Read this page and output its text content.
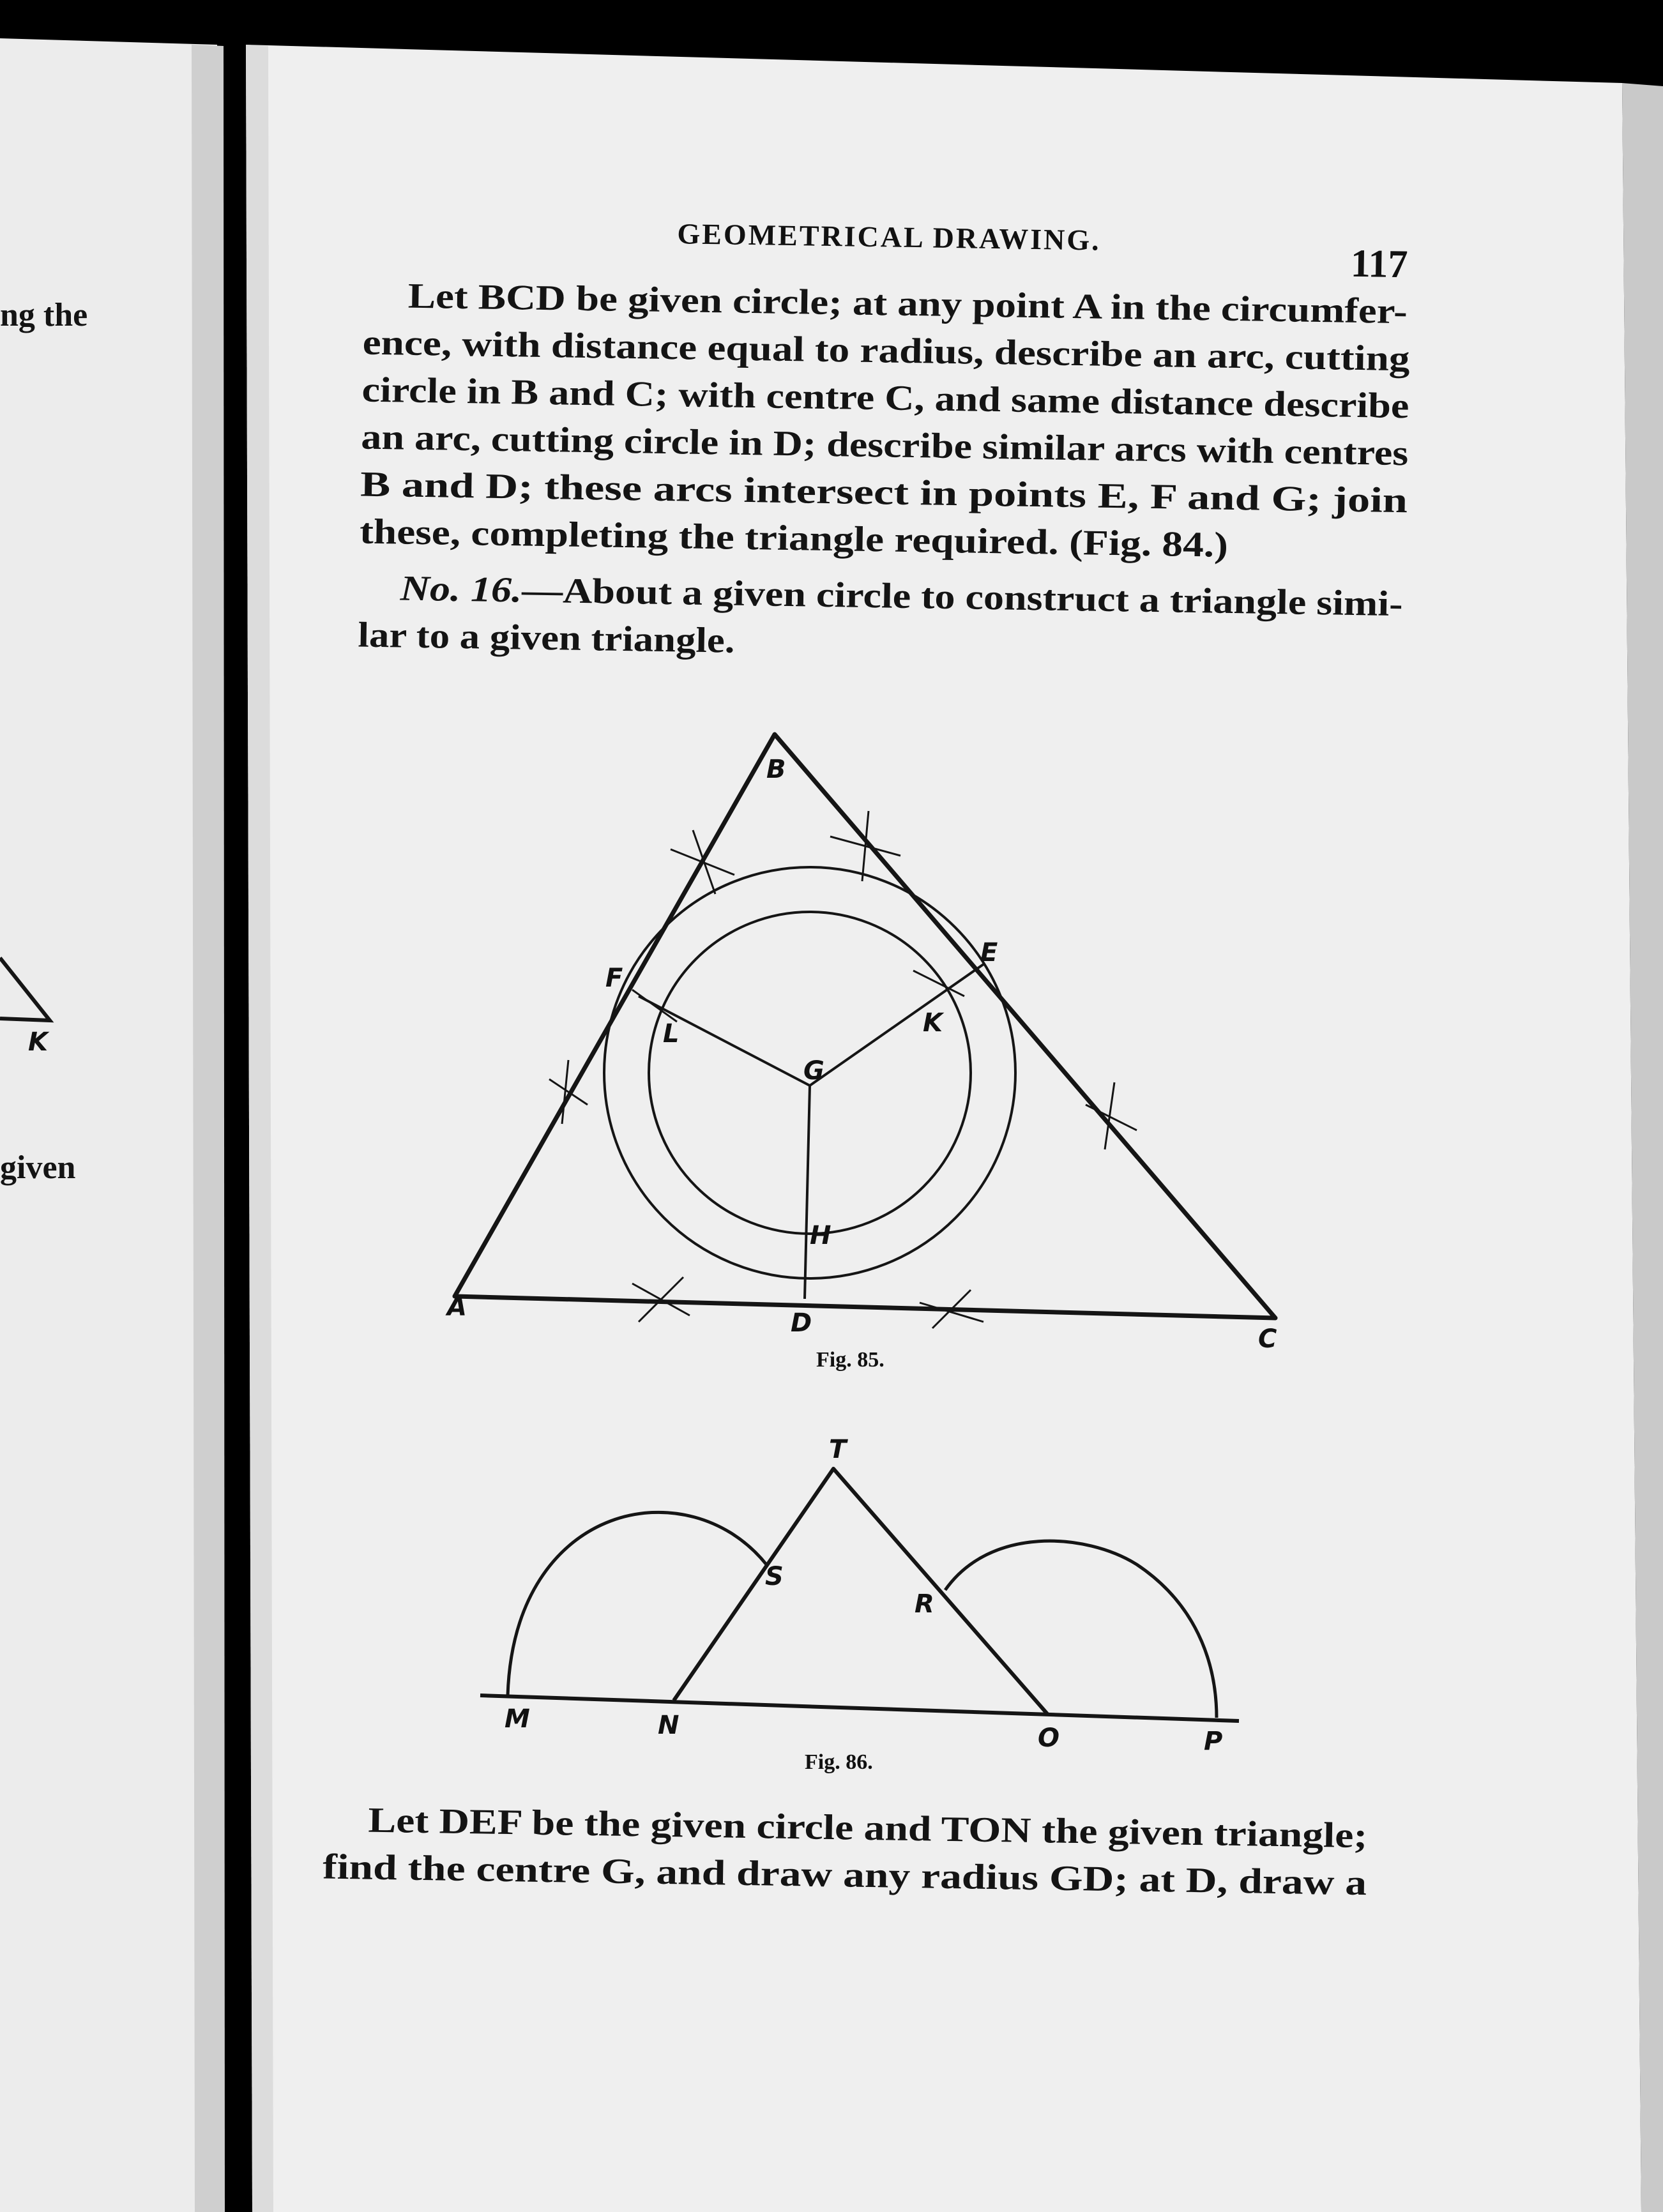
ng the
given
K
GEOMETRICAL DRAWING.
117
Let BCD be given circle; at any point A in the circumfer-
ence, with distance equal to radius, describe an arc, cutting
circle in B and C; with centre C, and same distance describe
an arc, cutting circle in D; describe similar arcs with centres
B and D; these arcs intersect in points E, F and G; join
these, completing the triangle required. (Fig. 84.)
No. 16. —About a given circle to construct a triangle simi-
lar to a given triangle.
B
E
F
K
L
G
H
A
D
C
Fig. 85.
T
S
R
M	N	O	P
Fig. 86.
Let DEF be the given circle and TON the given triangle;
find the centre G, and draw any radius GD; at D, draw a
